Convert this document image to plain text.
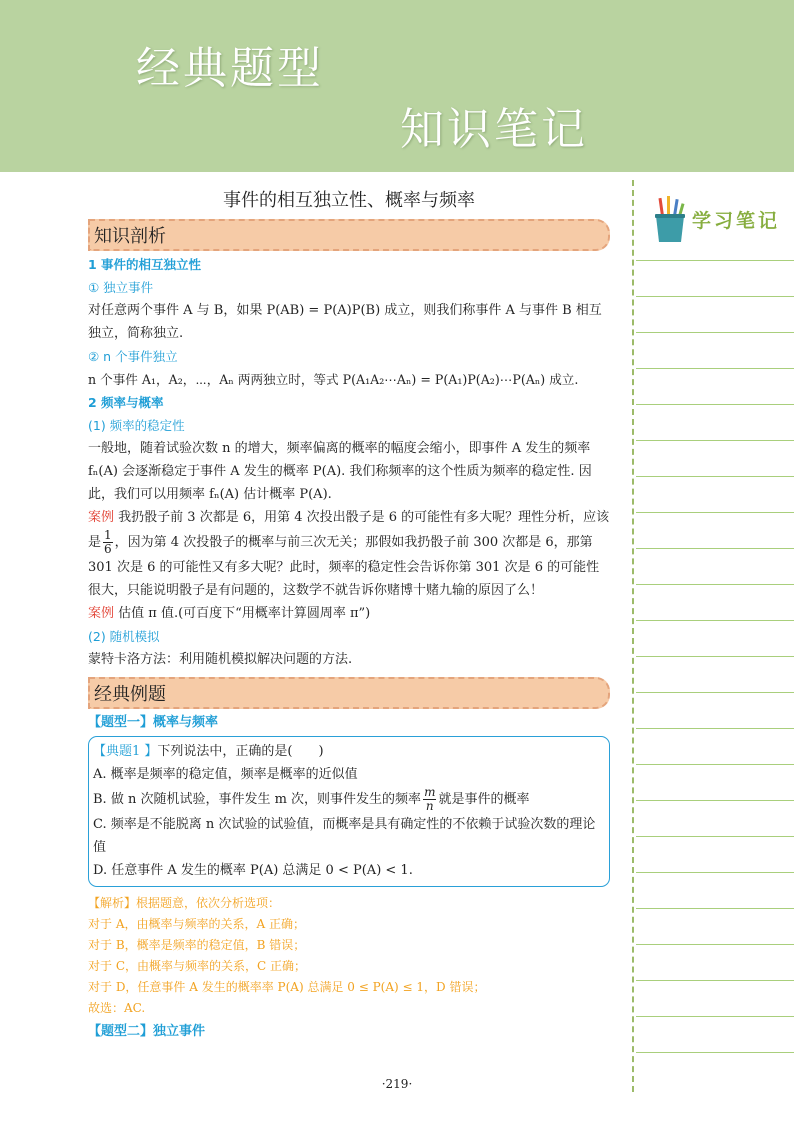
经典题型
知识笔记
学习笔记

事件的相互独立性、概率与频率

知识剖析

1 事件的相互独立性

① 独立事件

对任意两个事件 A 与 B，如果 P(AB) = P(A)P(B) 成立，则我们称事件 A 与事件 B 相互独立，简称独立.

② n 个事件独立

n 个事件 A₁，A₂，⋯，Aₙ 两两独立时，等式 P(A₁A₂⋯Aₙ) = P(A₁)P(A₂)⋯P(Aₙ) 成立.

2 频率与概率

(1) 频率的稳定性

一般地，随着试验次数 n 的增大，频率偏离的概率的幅度会缩小，即事件 A 发生的频率 fₙ(A) 会逐渐稳定于事件 A 发生的概率 P(A). 我们称频率的这个性质为频率的稳定性. 因此，我们可以用频率 fₙ(A) 估计概率 P(A).

案例 我扔骰子前 3 次都是 6，用第 4 次投出骰子是 6 的可能性有多大呢？理性分析，应该是 $\frac{1}{6}$ ，因为第 4 次投骰子的概率与前三次无关；那假如我扔骰子前 300 次都是 6，那第 301 次是 6 的可能性又有多大呢？此时，频率的稳定性会告诉你第 301 次是 6 的可能性很大，只能说明骰子是有问题的，这数学不就告诉你赌博十赌九输的原因了么！

案例 估值 π 值.(可百度下“用概率计算圆周率 π”)

(2) 随机模拟

蒙特卡洛方法：利用随机模拟解决问题的方法.

经典例题

【题型一】概率与频率

【典题1 】下列说法中，正确的是(　　)

A. 概率是频率的稳定值，频率是概率的近似值

B. 做 n 次随机试验，事件发生 m 次，则事件发生的频率 $\frac{m}{n}$ 就是事件的概率

C. 频率是不能脱离 n 次试验的试验值，而概率是具有确定性的不依赖于试验次数的理论值

D. 任意事件 A 发生的概率 P(A) 总满足 0 < P(A) < 1.

【解析】根据题意，依次分析选项：

对于 A，由概率与频率的关系，A 正确；

对于 B，概率是频率的稳定值，B 错误；

对于 C，由概率与频率的关系，C 正确；

对于 D，任意事件 A 发生的概率率 P(A) 总满足 0 ≤ P(A) ≤ 1，D 错误；

故选：AC.

【题型二】独立事件

·219·
